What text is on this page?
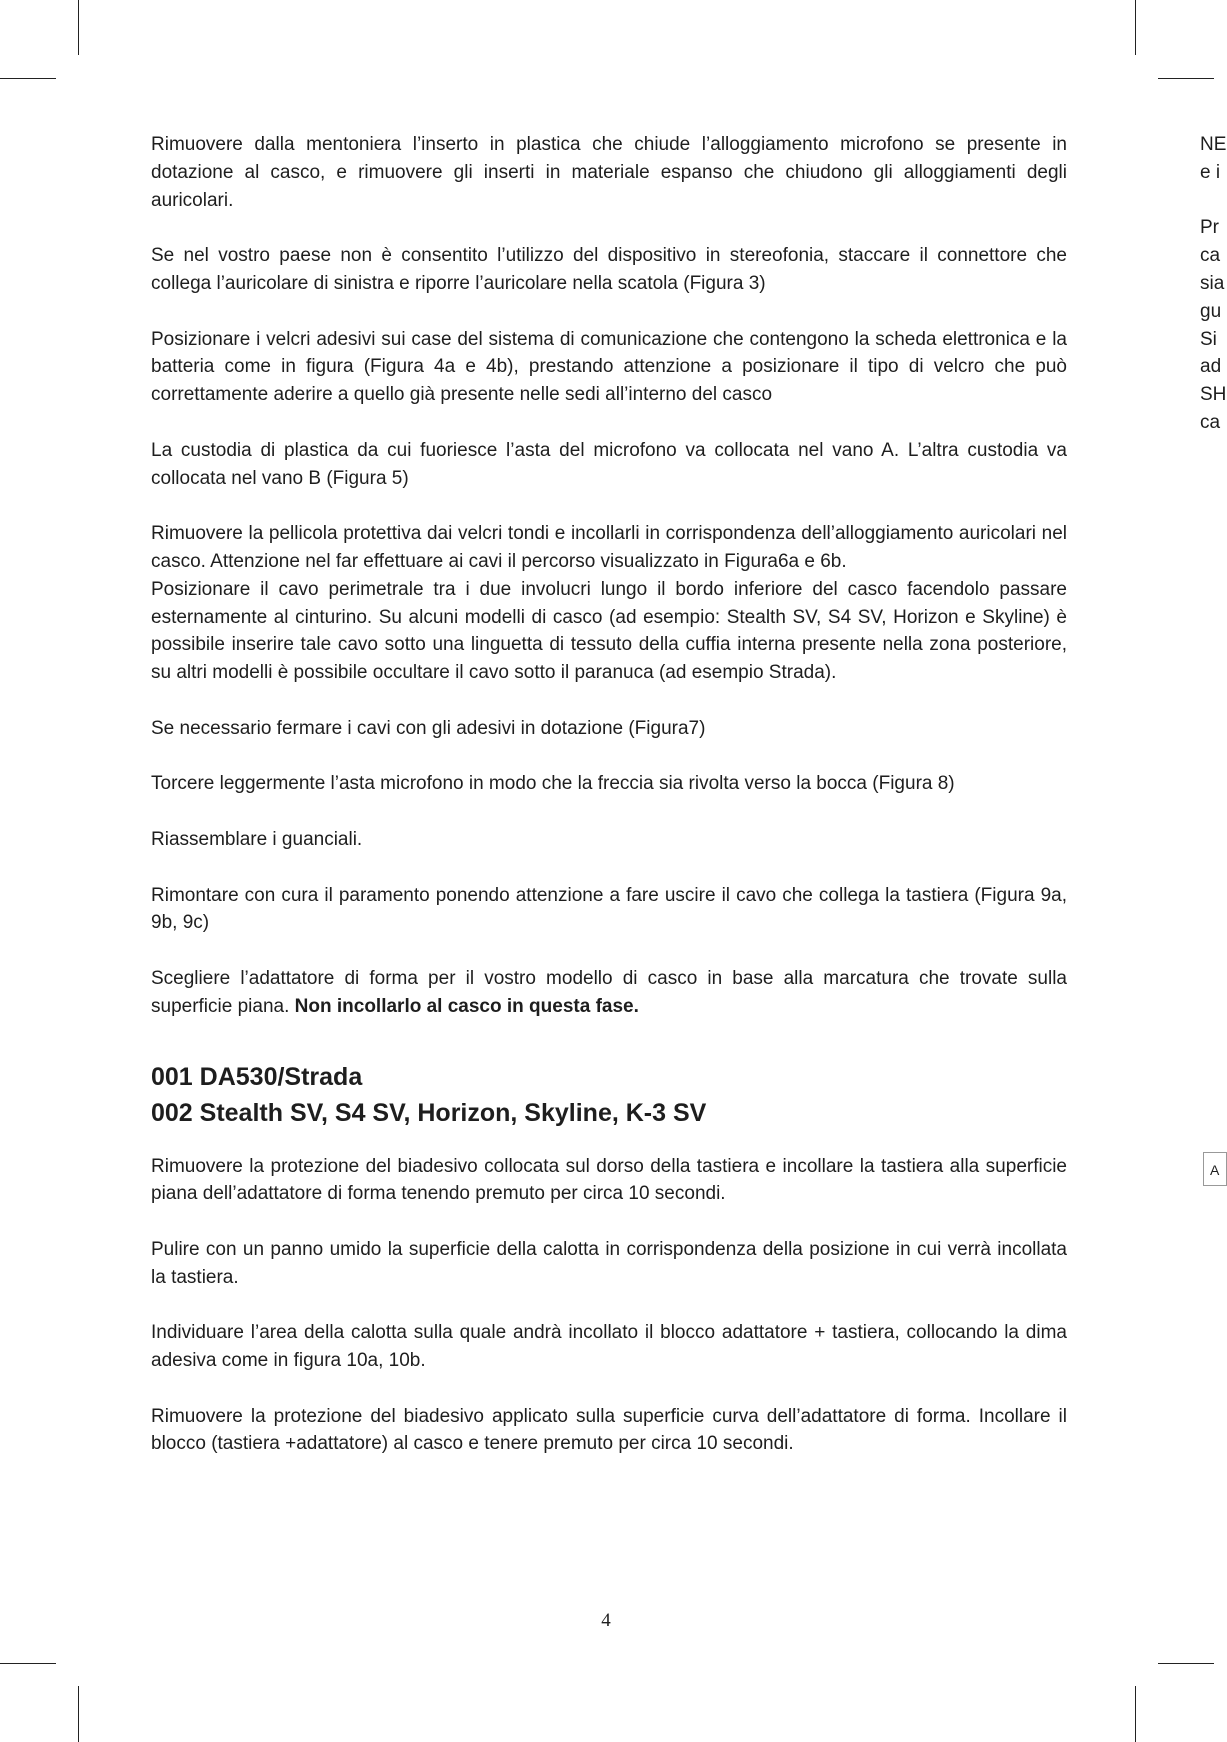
Rimuovere dalla mentoniera l’inserto in plastica che chiude l’alloggiamento microfono se presente in dotazione al casco, e rimuovere gli inserti in materiale espanso che chiudono gli alloggiamenti degli auricolari.

Se nel vostro paese non è consentito l’utilizzo del dispositivo in stereofonia, staccare il connettore che collega l’auricolare di sinistra e riporre l’auricolare nella scatola (Figura 3)

Posizionare i velcri adesivi sui case del sistema di comunicazione che contengono la scheda elettronica e la batteria come in figura (Figura 4a e 4b), prestando attenzione a posizionare il tipo di velcro che può correttamente aderire a quello già presente nelle sedi all’interno del casco

La custodia di plastica da cui fuoriesce l’asta del microfono va collocata nel vano A. L’altra custodia va collocata nel vano B (Figura 5)

Rimuovere la pellicola protettiva dai velcri tondi e incollarli in corrispondenza dell’alloggiamento auricolari nel casco. Attenzione nel far effettuare ai cavi il percorso visualizzato in Figura6a e 6b.

Posizionare il cavo perimetrale tra i due involucri lungo il bordo inferiore del casco facendolo passare esternamente al cinturino. Su alcuni modelli di casco (ad esempio: Stealth SV, S4 SV, Horizon e Skyline) è possibile inserire tale cavo sotto una linguetta di tessuto della cuffia interna presente nella zona posteriore, su altri modelli è possibile occultare il cavo sotto il paranuca (ad esempio Strada).

Se necessario fermare i cavi con gli adesivi in dotazione (Figura7)

Torcere leggermente l’asta microfono in modo che la freccia sia rivolta verso la bocca (Figura 8)

Riassemblare i guanciali.

Rimontare con cura il paramento ponendo attenzione a fare uscire il cavo che collega la tastiera (Figura 9a, 9b, 9c)

Scegliere l’adattatore di forma per il vostro modello di casco in base alla marcatura che trovate sulla superficie piana. Non incollarlo al casco in questa fase.

001 DA530/Strada
002 Stealth SV, S4 SV, Horizon, Skyline, K-3 SV

Rimuovere la protezione del biadesivo collocata sul dorso della tastiera e incollare la tastiera alla superficie piana dell’adattatore di forma tenendo premuto per circa 10 secondi.

Pulire con un panno umido la superficie della calotta in corrispondenza della posizione in cui verrà incollata la tastiera.

Individuare l’area della calotta sulla quale andrà incollato il blocco adattatore + tastiera, collocando la dima adesiva come in figura 10a, 10b.

Rimuovere la protezione del biadesivo applicato sulla superficie curva dell’adattatore di forma. Incollare il blocco (tastiera +adattatore) al casco e tenere premuto per circa 10 secondi.

NE
e i
Pr
ca
sia
gu
Si
ad
SH
ca
A
4
